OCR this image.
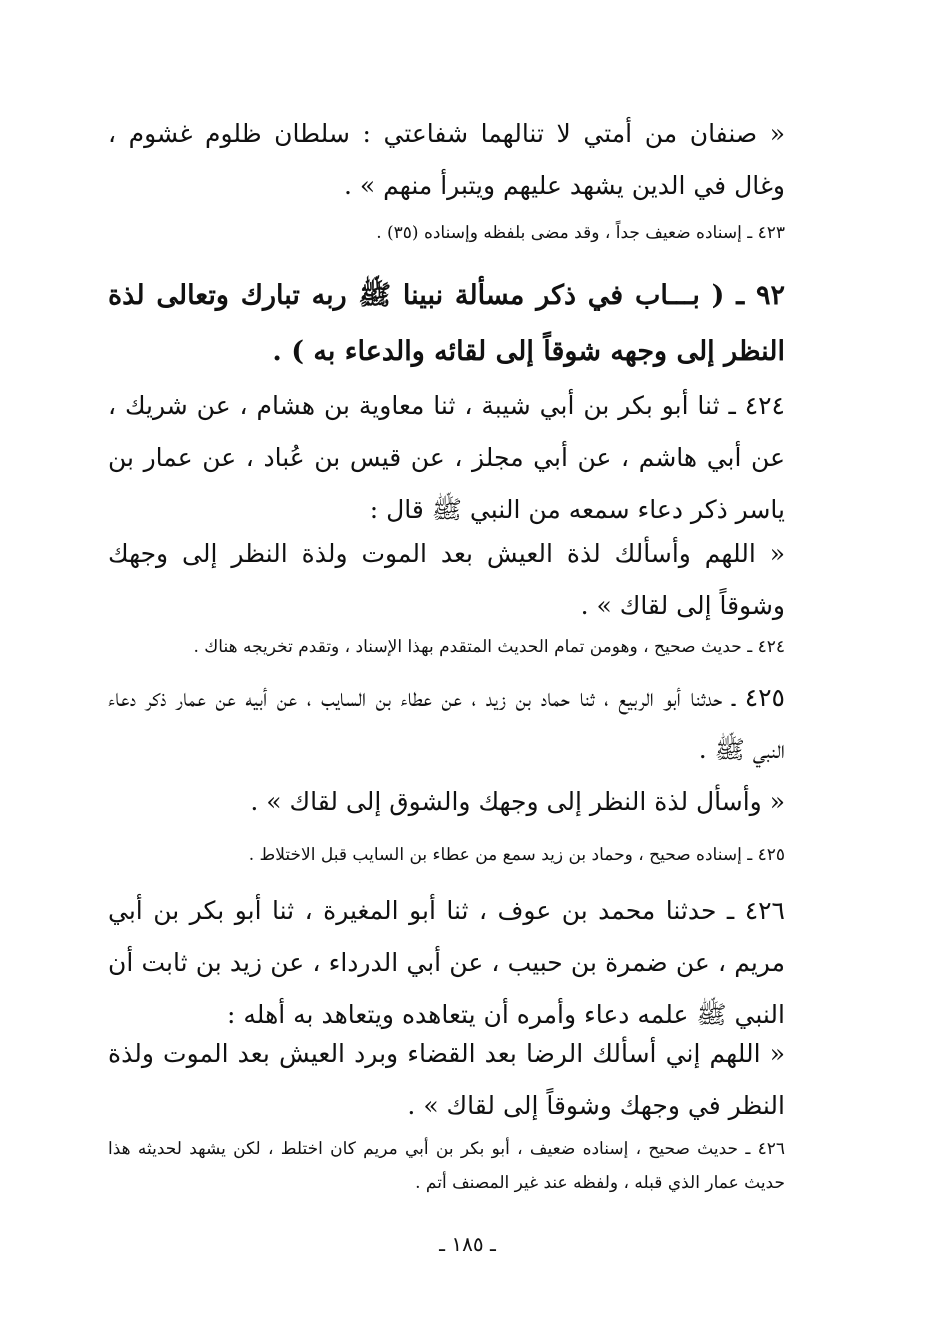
« صنفان من أمتي لا تنالهما شفاعتي : سلطان ظلوم غشوم ، وغال في الدين يشهد عليهم ويتبرأ منهم » .

٤٢٣ ـ إسناده ضعيف جداً ، وقد مضى بلفظه وإسناده (٣٥) .

٩٢ ـ ( بـــاب في ذكر مسألة نبينا ﷺ ربه تبارك وتعالى لذة النظر إلى وجهه شوقاً إلى لقائه والدعاء به ) .

٤٢٤ ـ ثنا أبو بكر بن أبي شيبة ، ثنا معاوية بن هشام ، عن شريك ، عن أبي هاشم ، عن أبي مجلز ، عن قيس بن عُباد ، عن عمار بن ياسر ذكر دعاء سمعه من النبي ﷺ قال :

« اللهم وأسألك لذة العيش بعد الموت ولذة النظر إلى وجهك وشوقاً إلى لقاك » .

٤٢٤ ـ حديث صحيح ، وهومن تمام الحديث المتقدم بهذا الإسناد ، وتقدم تخريجه هناك .

٤٢٥ ـ حدثنا أبو الربيع ، ثنا حماد بن زيد ، عن عطاء بن السايب ، عن أبيه عن عمار ذكر دعاء النبي ﷺ .

« وأسأل لذة النظر إلى وجهك والشوق إلى لقاك » .

٤٢٥ ـ إسناده صحيح ، وحماد بن زيد سمع من عطاء بن السايب قبل الاختلاط .

٤٢٦ ـ حدثنا محمد بن عوف ، ثنا أبو المغيرة ، ثنا أبو بكر بن أبي مريم ، عن ضمرة بن حبيب ، عن أبي الدرداء ، عن زيد بن ثابت أن النبي ﷺ علمه دعاء وأمره أن يتعاهده ويتعاهد به أهله :

« اللهم إني أسألك الرضا بعد القضاء وبرد العيش بعد الموت ولذة النظر في وجهك وشوقاً إلى لقاك » .

٤٢٦ ـ حديث صحيح ، إسناده ضعيف ، أبو بكر بن أبي مريم كان اختلط ، لكن يشهد لحديثه هذا حديث عمار الذي قبله ، ولفظه عند غير المصنف أتم .

ـ ١٨٥ ـ
